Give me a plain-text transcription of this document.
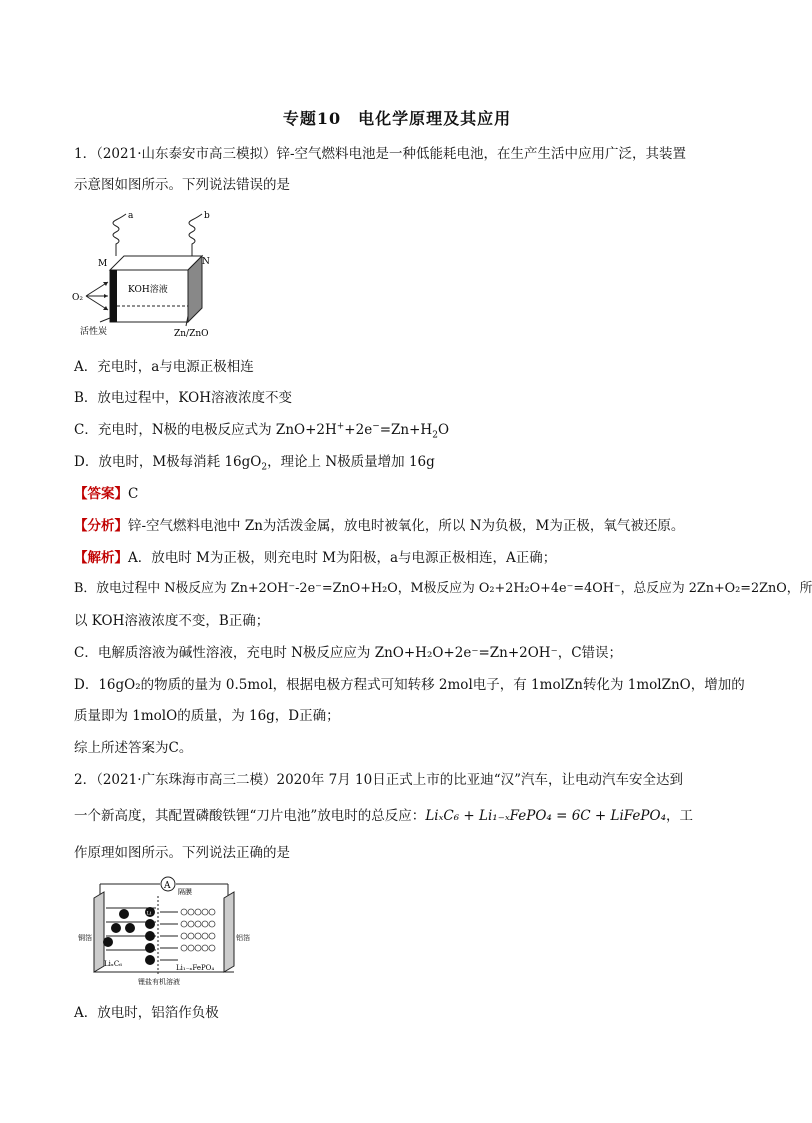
专题10　电化学原理及其应用
1．（2021·山东泰安市高三模拟）锌-空气燃料电池是一种低能耗电池，在生产生活中应用广泛，其装置
示意图如图所示。下列说法错误的是
a	b
KOH溶液
M	N
O₂
活性炭	Zn/ZnO
A．充电时，a与电源正极相连
B．放电过程中，KOH溶液浓度不变
C．充电时，N极的电极反应式为 $ZnO+2H^++2e^-=Zn+H_2O$
D．放电时，M极每消耗 $16gO_2$，理论上 N极质量增加 16g
【答案】C
【分析】锌-空气燃料电池中 Zn为活泼金属，放电时被氧化，所以 N为负极，M为正极，氧气被还原。
【解析】A．放电时 M为正极，则充电时 M为阳极，a与电源正极相连，A正确；
B．放电过程中 N极反应为 Zn+2OH⁻-2e⁻=ZnO+H₂O，M极反应为 O₂+2H₂O+4e⁻=4OH⁻，总反应为 2Zn+O₂=2ZnO，所
以 KOH溶液浓度不变，B正确；
C．电解质溶液为碱性溶液，充电时 N极反应应为 ZnO+H₂O+2e⁻=Zn+2OH⁻，C错误；
D．16gO₂的物质的量为 0.5mol，根据电极方程式可知转移 2mol电子，有 1molZn转化为 1molZnO，增加的
质量即为 1molO的质量，为 16g，D正确；
综上所述答案为C。
2．（2021·广东珠海市高三二模）2020年 7月 10日正式上市的比亚迪“汉”汽车，让电动汽车安全达到
一个新高度，其配置磷酸铁锂“刀片电池”放电时的总反应：LiₓC₆ + Li₁₋ₓFePO₄ = 6C + LiFePO₄，工
作原理如图所示。下列说法正确的是
A
隔膜
铜箔	铝箔
Li
LiₓC₆	Li₁₋ₓFePO₄
锂盐有机溶液
A．放电时，铝箔作负极
